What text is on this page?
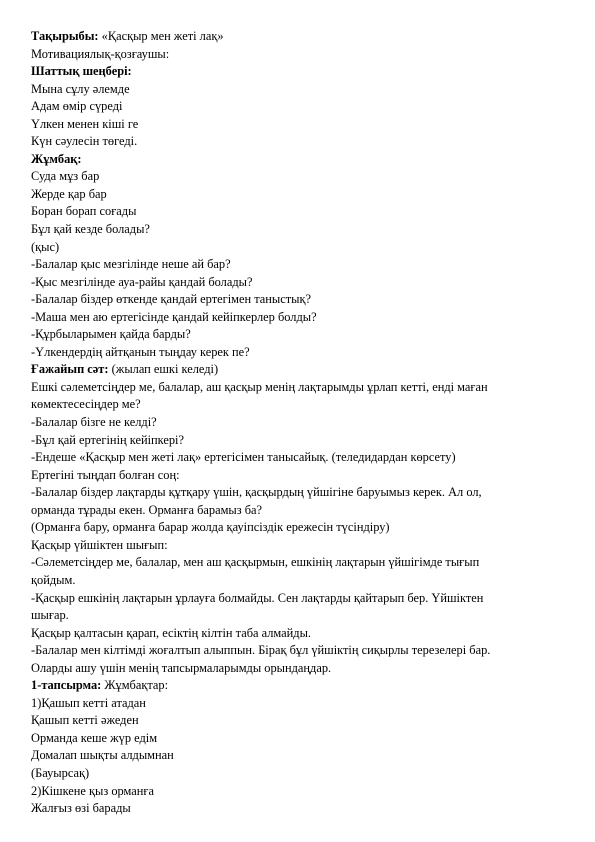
Тақырыбы: «Қасқыр мен жеті лақ»
Мотивациялық-қозғаушы:
Шаттық шеңбері:
Мына сұлу әлемде
Адам өмір сүреді
Үлкен менен кіші ге
Күн сәулесін төгеді.
Жұмбақ:
Суда мұз бар
Жерде қар бар
Боран борап соғады
Бұл қай кезде болады?
(қыс)
-Балалар қыс мезгілінде неше ай бар?
-Қыс мезгілінде ауа-райы қандай болады?
-Балалар біздер өткенде қандай ертегімен таныстық?
-Маша мен аю ертегісінде қандай кейіпкерлер болды?
-Құрбыларымен қайда барды?
-Үлкендердің айтқанын тыңдау керек пе?
Ғажайып сәт: (жылап ешкі келеді)
Ешкі сәлеметсіңдер ме, балалар, аш қасқыр менің лақтарымды ұрлап кетті, енді маған
көмектесесіңдер ме?
-Балалар бізге не келді?
-Бұл қай ертегінің кейіпкері?
-Ендеше «Қасқыр мен жеті лақ» ертегісімен танысайық. (теледидардан көрсету)
Ертегіні тыңдап болған соң:
-Балалар біздер лақтарды құтқару үшін, қасқырдың үйшігіне баруымыз керек. Ал ол,
орманда тұрады екен. Орманға барамыз ба?
(Орманға бару, орманға барар жолда қауіпсіздік ережесін түсіндіру)
Қасқыр үйшіктен шығып:
-Сәлеметсіңдер ме, балалар, мен аш қасқырмын, ешкінің лақтарын үйшігімде тығып
қойдым.
-Қасқыр ешкінің лақтарын ұрлауға болмайды. Сен лақтарды қайтарып бер. Үйшіктен
шығар.
Қасқыр қалтасын қарап, есіктің кілтін таба алмайды.
-Балалар мен кілтімді жоғалтып алыппын. Бірақ бұл үйшіктің сиқырлы терезелері бар.
Оларды ашу үшін менің тапсырмаларымды орындаңдар.
1-тапсырма: Жұмбақтар:
1)Қашып кетті атадан
Қашып кетті әжеден
Орманда кеше жүр едім
Домалап шықты алдымнан
(Бауырсақ)
2)Кішкене қыз орманға
Жалғыз өзі барады
